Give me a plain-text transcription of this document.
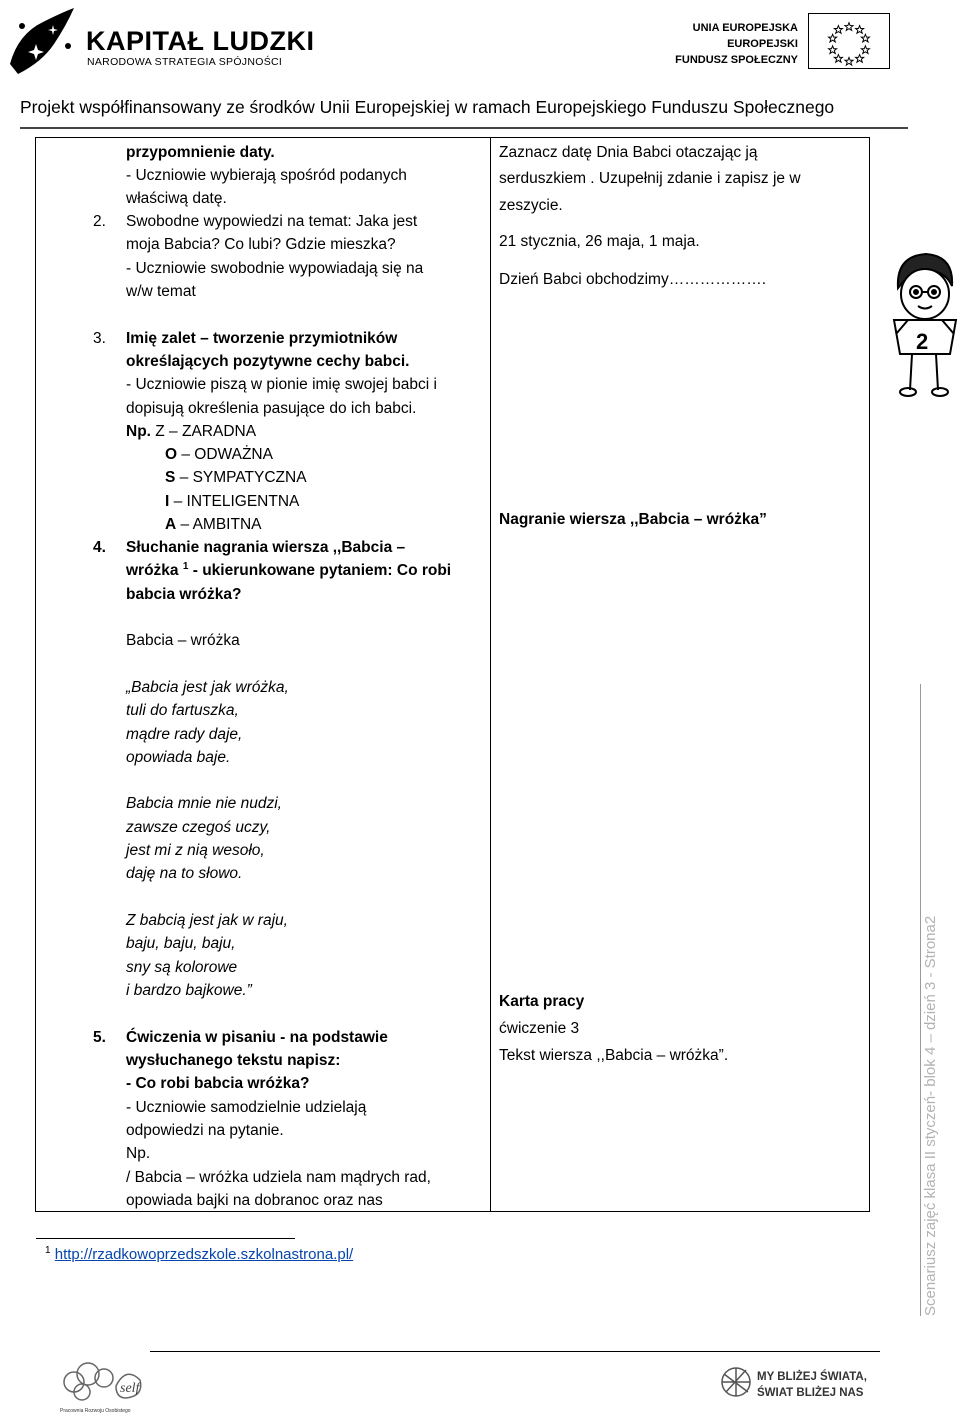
KAPITAŁ LUDZKI
NARODOWA STRATEGIA SPÓJNOŚCI
UNIA EUROPEJSKA
EUROPEJSKI
FUNDUSZ SPOŁECZNY
Projekt współfinansowany ze środków Unii Europejskiej w ramach Europejskiego Funduszu Społecznego
przypomnienie daty.
- Uczniowie wybierają spośród podanych
właściwą datę.
2. Swobodne wypowiedzi na temat: Jaka jest
moja Babcia? Co lubi? Gdzie mieszka?
- Uczniowie swobodnie wypowiadają się na
w/w temat
3. Imię zalet – tworzenie przymiotników
określających pozytywne cechy babci.
- Uczniowie piszą w pionie imię swojej babci i
dopisują określenia pasujące do ich babci.
Np. Z – ZARADNA
O – ODWAŻNA
S – SYMPATYCZNA
I – INTELIGENTNA
A – AMBITNA
4. Słuchanie nagrania wiersza ,,Babcia –
wróżka $^1$ - ukierunkowane pytaniem: Co robi
babcia wróżka?
Babcia – wróżka
„Babcia jest jak wróżka,
tuli do fartuszka,
mądre rady daje,
opowiada baje.
Babcia mnie nie nudzi,
zawsze czegoś uczy,
jest mi z nią wesoło,
daję na to słowo.
Z babcią jest jak w raju,
baju, baju, baju,
sny są kolorowe
i bardzo bajkowe.”
5. Ćwiczenia w pisaniu - na podstawie
wysłuchanego tekstu napisz:
- Co robi babcia wróżka?
- Uczniowie samodzielnie udzielają
odpowiedzi na pytanie.
Np.
/ Babcia – wróżka udziela nam mądrych rad,
opowiada bajki na dobranoc oraz nas
Zaznacz datę Dnia Babci otaczając ją
serduszkiem . Uzupełnij zdanie i zapisz je w
zeszycie.
21 stycznia, 26 maja, 1 maja.
Dzień Babci obchodzimy……………….
2
Nagranie wiersza ,,Babcia – wróżka”
Karta pracy
ćwiczenie 3
Tekst wiersza ,,Babcia – wróżka”.
$^1$ http://rzadkowoprzedszkole.szkolnastrona.pl/	Scenariusz zajęć klasa II styczeń- blok 4 – dzień 3 - Strona2
self
Pracownia Rozwoju Osobistego
MY BLIŻEJ ŚWIATA,
ŚWIAT BLIŻEJ NAS
